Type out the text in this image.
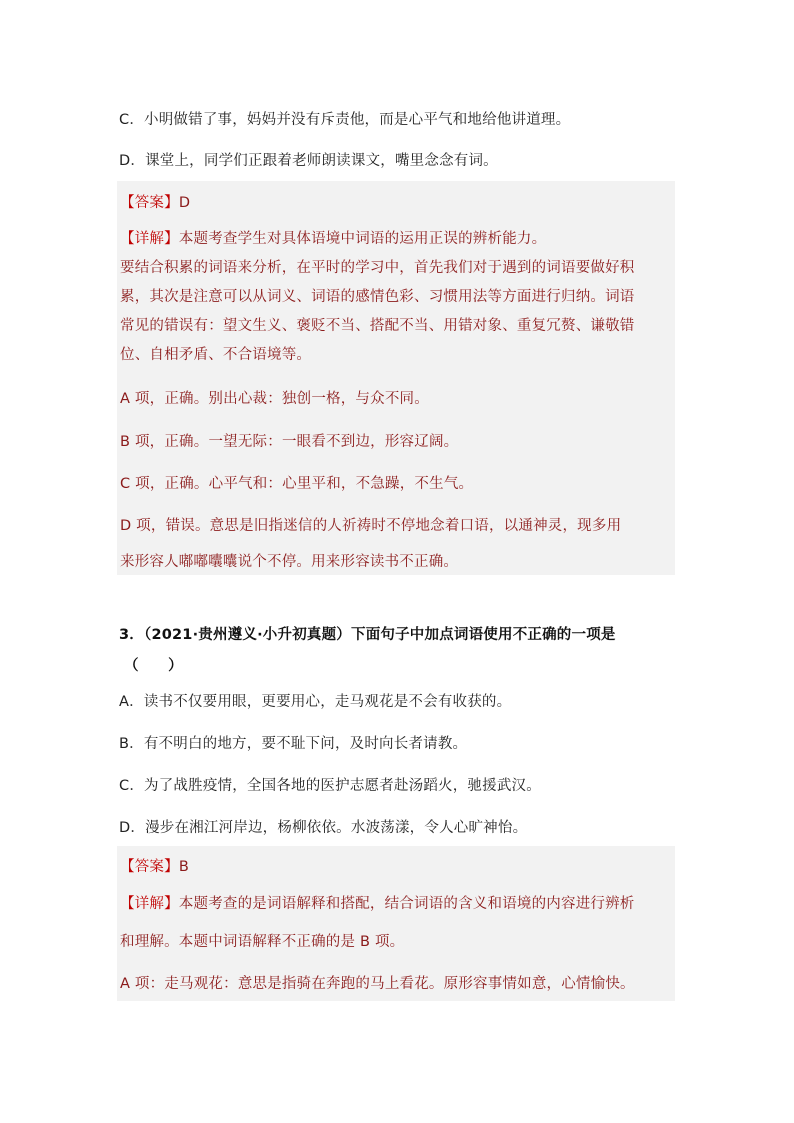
C．小明做错了事，妈妈并没有斥责他，而是心平气和地给他讲道理。
D．课堂上，同学们正跟着老师朗读课文，嘴里念念有词。
【答案】D
【详解】本题考查学生对具体语境中词语的运用正误的辨析能力。
要结合积累的词语来分析，在平时的学习中，首先我们对于遇到的词语要做好积
累，其次是注意可以从词义、词语的感情色彩、习惯用法等方面进行归纳。词语
常见的错误有：望文生义、褒贬不当、搭配不当、用错对象、重复冗赘、谦敬错
位、自相矛盾、不合语境等。
A 项，正确。别出心裁：独创一格，与众不同。
B 项，正确。一望无际：一眼看不到边，形容辽阔。
C 项，正确。心平气和：心里平和，不急躁，不生气。
D 项，错误。意思是旧指迷信的人祈祷时不停地念着口语，以通神灵，现多用
来形容人嘟嘟囔囔说个不停。用来形容读书不正确。
3．（2021·贵州遵义·小升初真题）下面句子中加点词语使用不正确的一项是
（　　）
A．读书不仅要用眼，更要用心，走马观花是不会有收获的。
B．有不明白的地方，要不耻下问，及时向长者请教。
C．为了战胜疫情，全国各地的医护志愿者赴汤蹈火，驰援武汉。
D．漫步在湘江河岸边，杨柳依依。水波荡漾，令人心旷神怡。
【答案】B
【详解】本题考查的是词语解释和搭配，结合词语的含义和语境的内容进行辨析
和理解。本题中词语解释不正确的是 B 项。
A 项：走马观花：意思是指骑在奔跑的马上看花。原形容事情如意，心情愉快。
